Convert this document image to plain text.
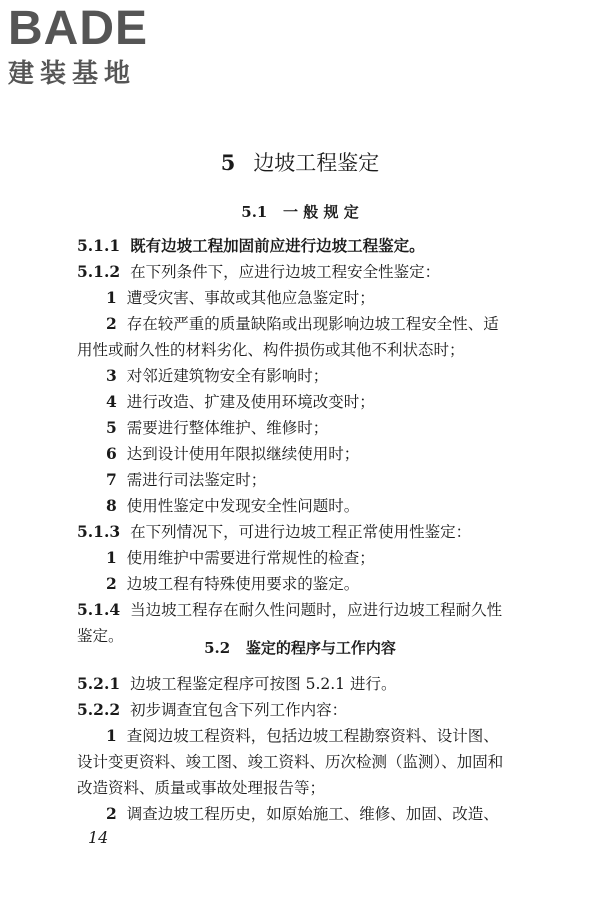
BADE
建装基地
5 边坡工程鉴定
5.1 一 般 规 定
5.1.1 既有边坡工程加固前应进行边坡工程鉴定。
5.1.2 在下列条件下，应进行边坡工程安全性鉴定：
1 遭受灾害、事故或其他应急鉴定时；
2 存在较严重的质量缺陷或出现影响边坡工程安全性、适
用性或耐久性的材料劣化、构件损伤或其他不利状态时；
3 对邻近建筑物安全有影响时；
4 进行改造、扩建及使用环境改变时；
5 需要进行整体维护、维修时；
6 达到设计使用年限拟继续使用时；
7 需进行司法鉴定时；
8 使用性鉴定中发现安全性问题时。
5.1.3 在下列情况下，可进行边坡工程正常使用性鉴定：
1 使用维护中需要进行常规性的检查；
2 边坡工程有特殊使用要求的鉴定。
5.1.4 当边坡工程存在耐久性问题时，应进行边坡工程耐久性
鉴定。
5.2 鉴定的程序与工作内容
5.2.1 边坡工程鉴定程序可按图 5.2.1 进行。
5.2.2 初步调查宜包含下列工作内容：
1 查阅边坡工程资料，包括边坡工程勘察资料、设计图、
设计变更资料、竣工图、竣工资料、历次检测（监测）、加固和
改造资料、质量或事故处理报告等；
2 调查边坡工程历史，如原始施工、维修、加固、改造、
14
